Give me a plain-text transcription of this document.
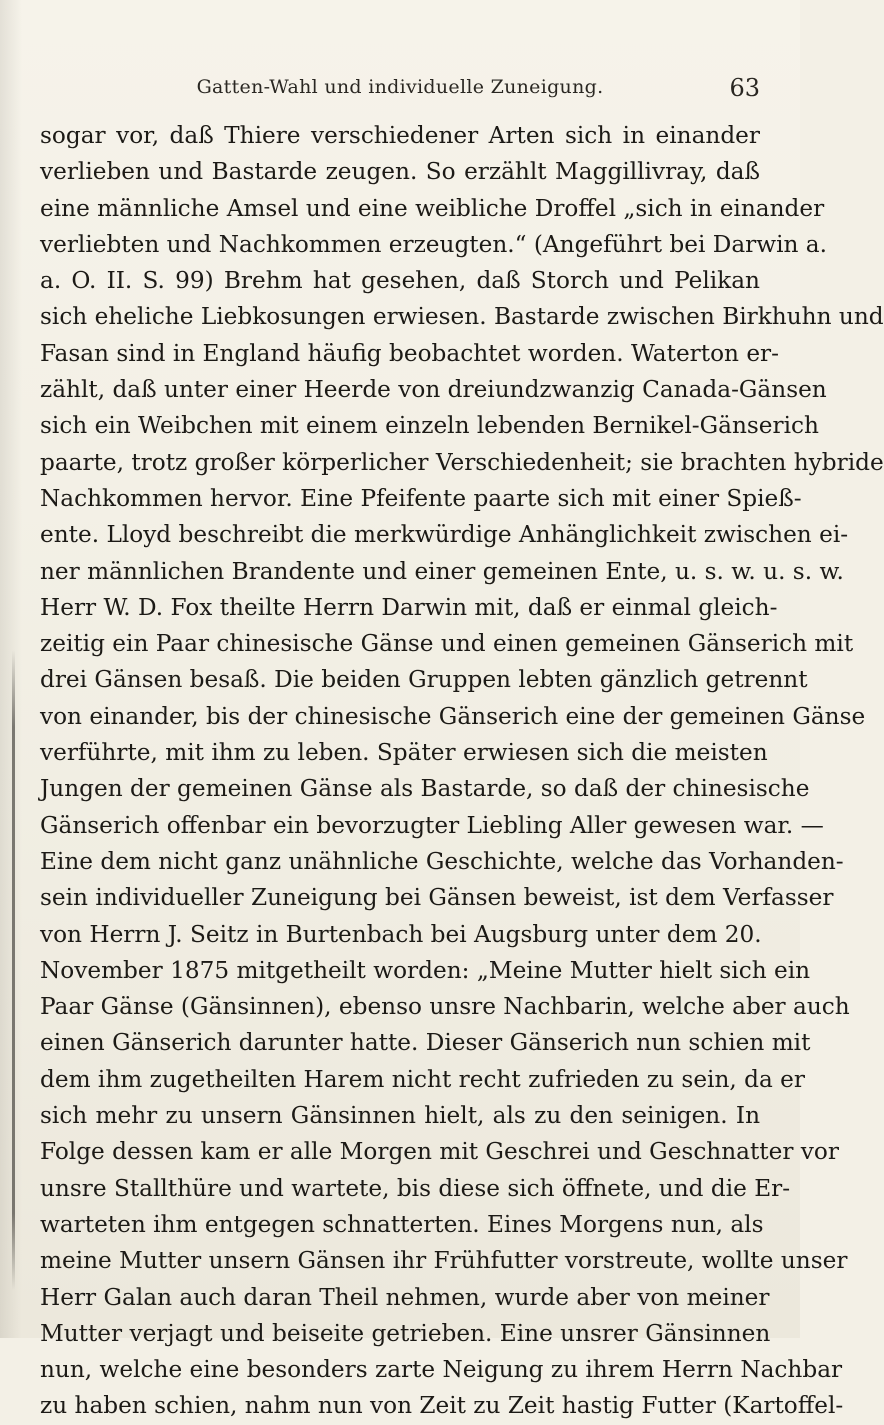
Gatten-Wahl und individuelle Zuneigung.	63
sogar vor, daß Thiere verschiedener Arten sich in einander
verlieben und Bastarde zeugen. So erzählt Maggillivray, daß
eine männliche Amsel und eine weibliche Droffel „sich in einander
verliebten und Nachkommen erzeugten.“ (Angeführt bei Darwin a.
a. O. II. S. 99) Brehm hat gesehen, daß Storch und Pelikan
sich eheliche Liebkosungen erwiesen. Bastarde zwischen Birkhuhn und
Fasan sind in England häufig beobachtet worden. Waterton er-
zählt, daß unter einer Heerde von dreiundzwanzig Canada-Gänsen
sich ein Weibchen mit einem einzeln lebenden Bernikel-Gänserich
paarte, trotz großer körperlicher Verschiedenheit; sie brachten hybride
Nachkommen hervor. Eine Pfeifente paarte sich mit einer Spieß-
ente. Lloyd beschreibt die merkwürdige Anhänglichkeit zwischen ei-
ner männlichen Brandente und einer gemeinen Ente, u. s. w. u. s. w.
Herr W. D. Fox theilte Herrn Darwin mit, daß er einmal gleich-
zeitig ein Paar chinesische Gänse und einen gemeinen Gänserich mit
drei Gänsen besaß. Die beiden Gruppen lebten gänzlich getrennt
von einander, bis der chinesische Gänserich eine der gemeinen Gänse
verführte, mit ihm zu leben. Später erwiesen sich die meisten
Jungen der gemeinen Gänse als Bastarde, so daß der chinesische
Gänserich offenbar ein bevorzugter Liebling Aller gewesen war. —
Eine dem nicht ganz unähnliche Geschichte, welche das Vorhanden-
sein individueller Zuneigung bei Gänsen beweist, ist dem Verfasser
von Herrn J. Seitz in Burtenbach bei Augsburg unter dem 20.
November 1875 mitgetheilt worden: „Meine Mutter hielt sich ein
Paar Gänse (Gänsinnen), ebenso unsre Nachbarin, welche aber auch
einen Gänserich darunter hatte. Dieser Gänserich nun schien mit
dem ihm zugetheilten Harem nicht recht zufrieden zu sein, da er
sich mehr zu unsern Gänsinnen hielt, als zu den seinigen. In
Folge dessen kam er alle Morgen mit Geschrei und Geschnatter vor
unsre Stallthüre und wartete, bis diese sich öffnete, und die Er-
warteten ihm entgegen schnatterten. Eines Morgens nun, als
meine Mutter unsern Gänsen ihr Frühfutter vorstreute, wollte unser
Herr Galan auch daran Theil nehmen, wurde aber von meiner
Mutter verjagt und beiseite getrieben. Eine unsrer Gänsinnen
nun, welche eine besonders zarte Neigung zu ihrem Herrn Nachbar
zu haben schien, nahm nun von Zeit zu Zeit hastig Futter (Kartoffel-
